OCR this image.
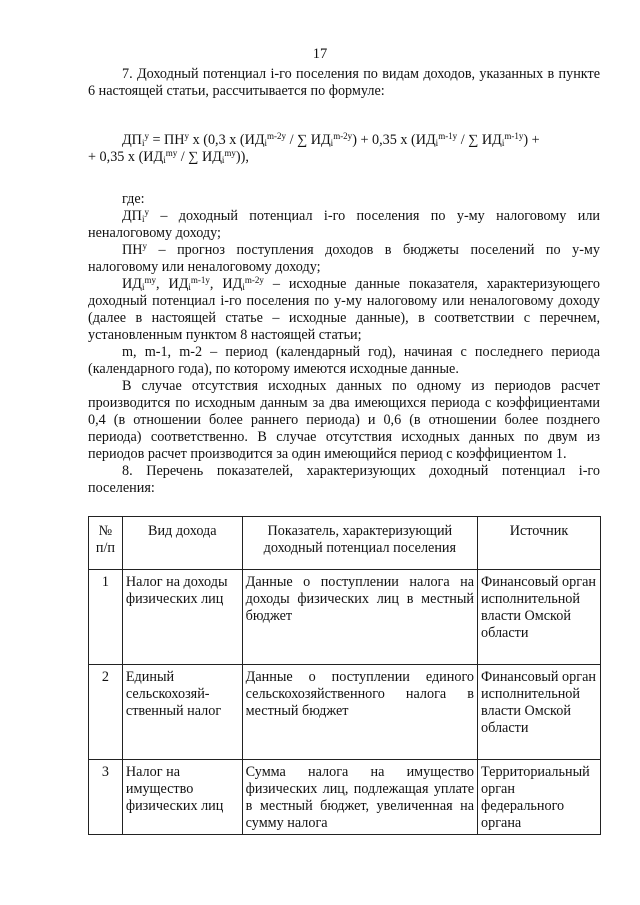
17

7. Доходный потенциал i-го поселения по видам доходов, указанных в пункте 6 настоящей статьи, рассчитывается по формуле:

$ДП_i^y = ПН^y$ x (0,3 x ($ИД_i^{m-2y}$ / ∑ $ИД_i^{m-2y}) + 0,35$ x ($ИД_i^{m-1y}$ / ∑ $ИД_i^{m-1y}$) +

+ 0,35 x ($ИД_i^{my}$ / ∑ $ИД_i^{my}$)),

где:

$ДП_i^y$ – доходный потенциал i-го поселения по y-му налоговому или неналоговому доходу;

$ПН^y$ – прогноз поступления доходов в бюджеты поселений по y-му налоговому или неналоговому доходу;

$ИД_i^{my}$, $ИД_i^{m-1y}$, $ИД_i^{m-2y}$ – исходные данные показателя, характеризующего доходный потенциал i-го поселения по y-му налоговому или неналоговому доходу (далее в настоящей статье – исходные данные), в соответствии с перечнем, установленным пунктом 8 настоящей статьи;

m, m-1, m-2 – период (календарный год), начиная с последнего периода (календарного года), по которому имеются исходные данные.

В случае отсутствия исходных данных по одному из периодов расчет производится по исходным данным за два имеющихся периода с коэффициентами 0,4 (в отношении более раннего периода) и 0,6 (в отношении более позднего периода) соответственно. В случае отсутствия исходных данных по двум из периодов расчет производится за один имеющийся период с коэффициентом 1.

8. Перечень показателей, характеризующих доходный потенциал i-го поселения:

№ п/п	Вид дохода	Показатель, характеризующий доходный потенциал поселения	Источник
1	Налог на доходы физических лиц	Данные о поступлении налога на доходы физических лиц в местный бюджет	Финансовый орган исполнительной власти Омской области
2	Единый сельскохозяй-ственный налог	Данные о поступлении единого сельскохозяйственного налога в местный бюджет	Финансовый орган исполнительной власти Омской области
3	Налог на имущество физических лиц	Сумма налога на имущество физических лиц, подлежащая уплате в местный бюджет, увеличенная на сумму налога	Территориальный орган федерального органа
